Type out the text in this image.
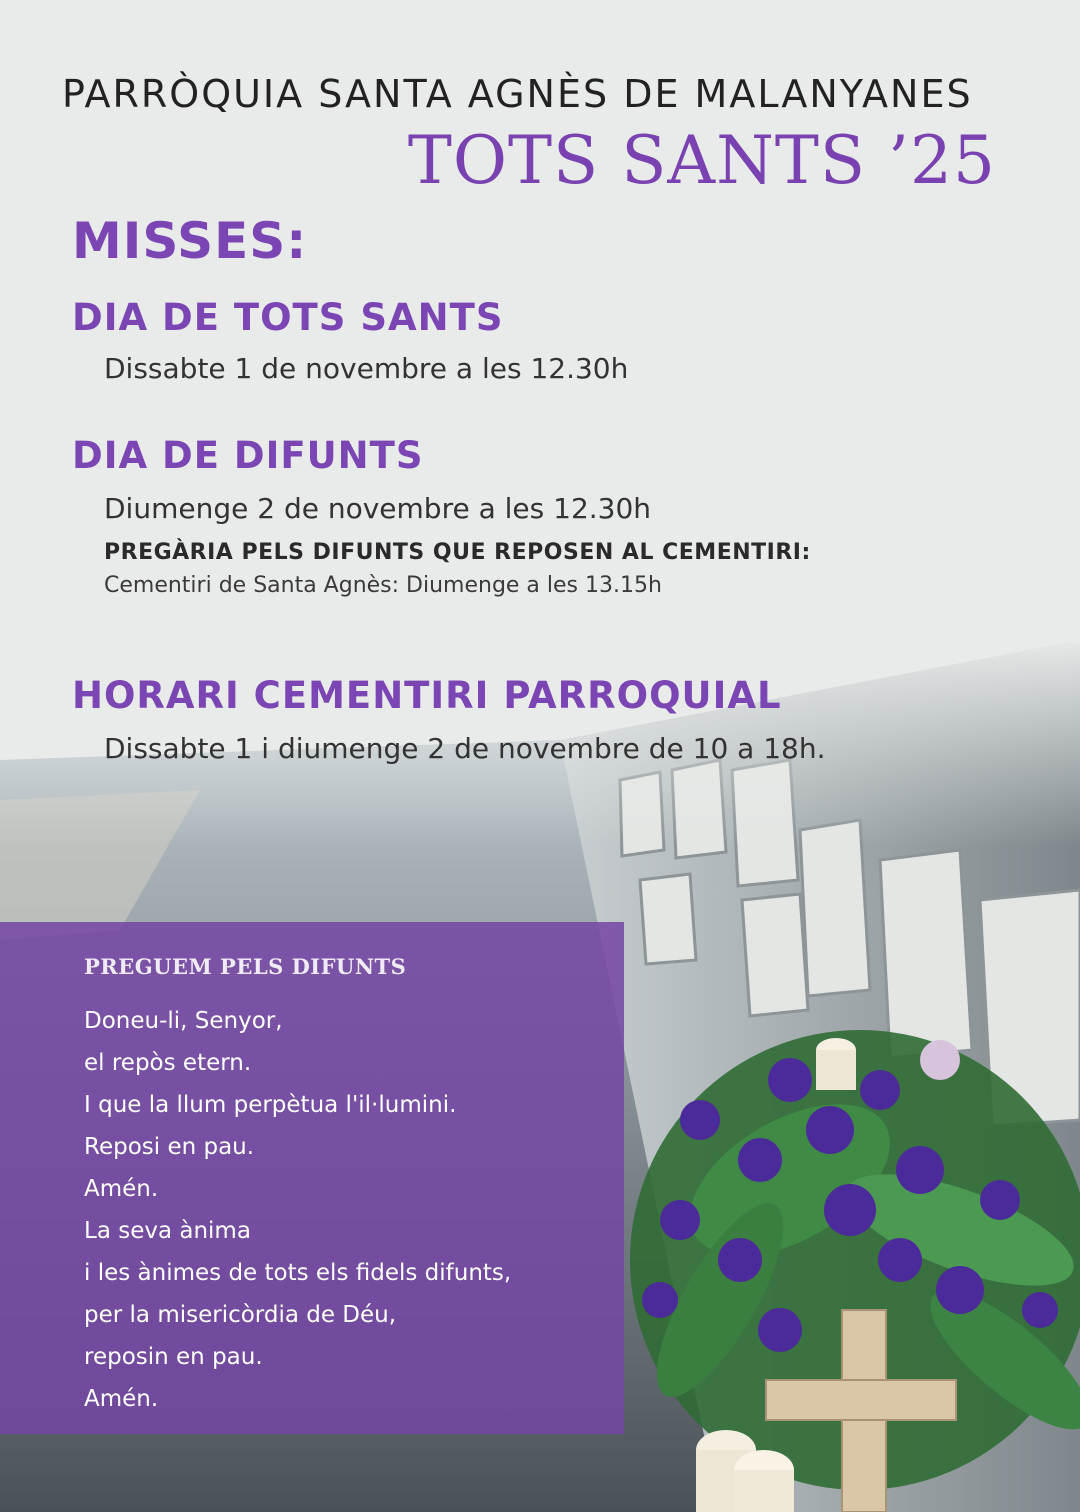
PARRÒQUIA SANTA AGNÈS DE MALANYANES
TOTS SANTS ’25
MISSES:
DIA DE TOTS SANTS

Dissabte 1 de novembre a les 12.30h

DIA DE DIFUNTS

Diumenge 2 de novembre a les 12.30h

PREGÀRIA PELS DIFUNTS QUE REPOSEN AL CEMENTIRI:

Cementiri de Santa Agnès: Diumenge a les 13.15h

HORARI CEMENTIRI PARROQUIAL

Dissabte 1 i diumenge 2 de novembre de 10 a 18h.

PREGUEM PELS DIFUNTS
Doneu-li, Senyor,
el repòs etern.
I que la llum perpètua l'il·lumini.
Reposi en pau.
Amén.
La seva ànima
i les ànimes de tots els fidels difunts,
per la misericòrdia de Déu,
reposin en pau.
Amén.
